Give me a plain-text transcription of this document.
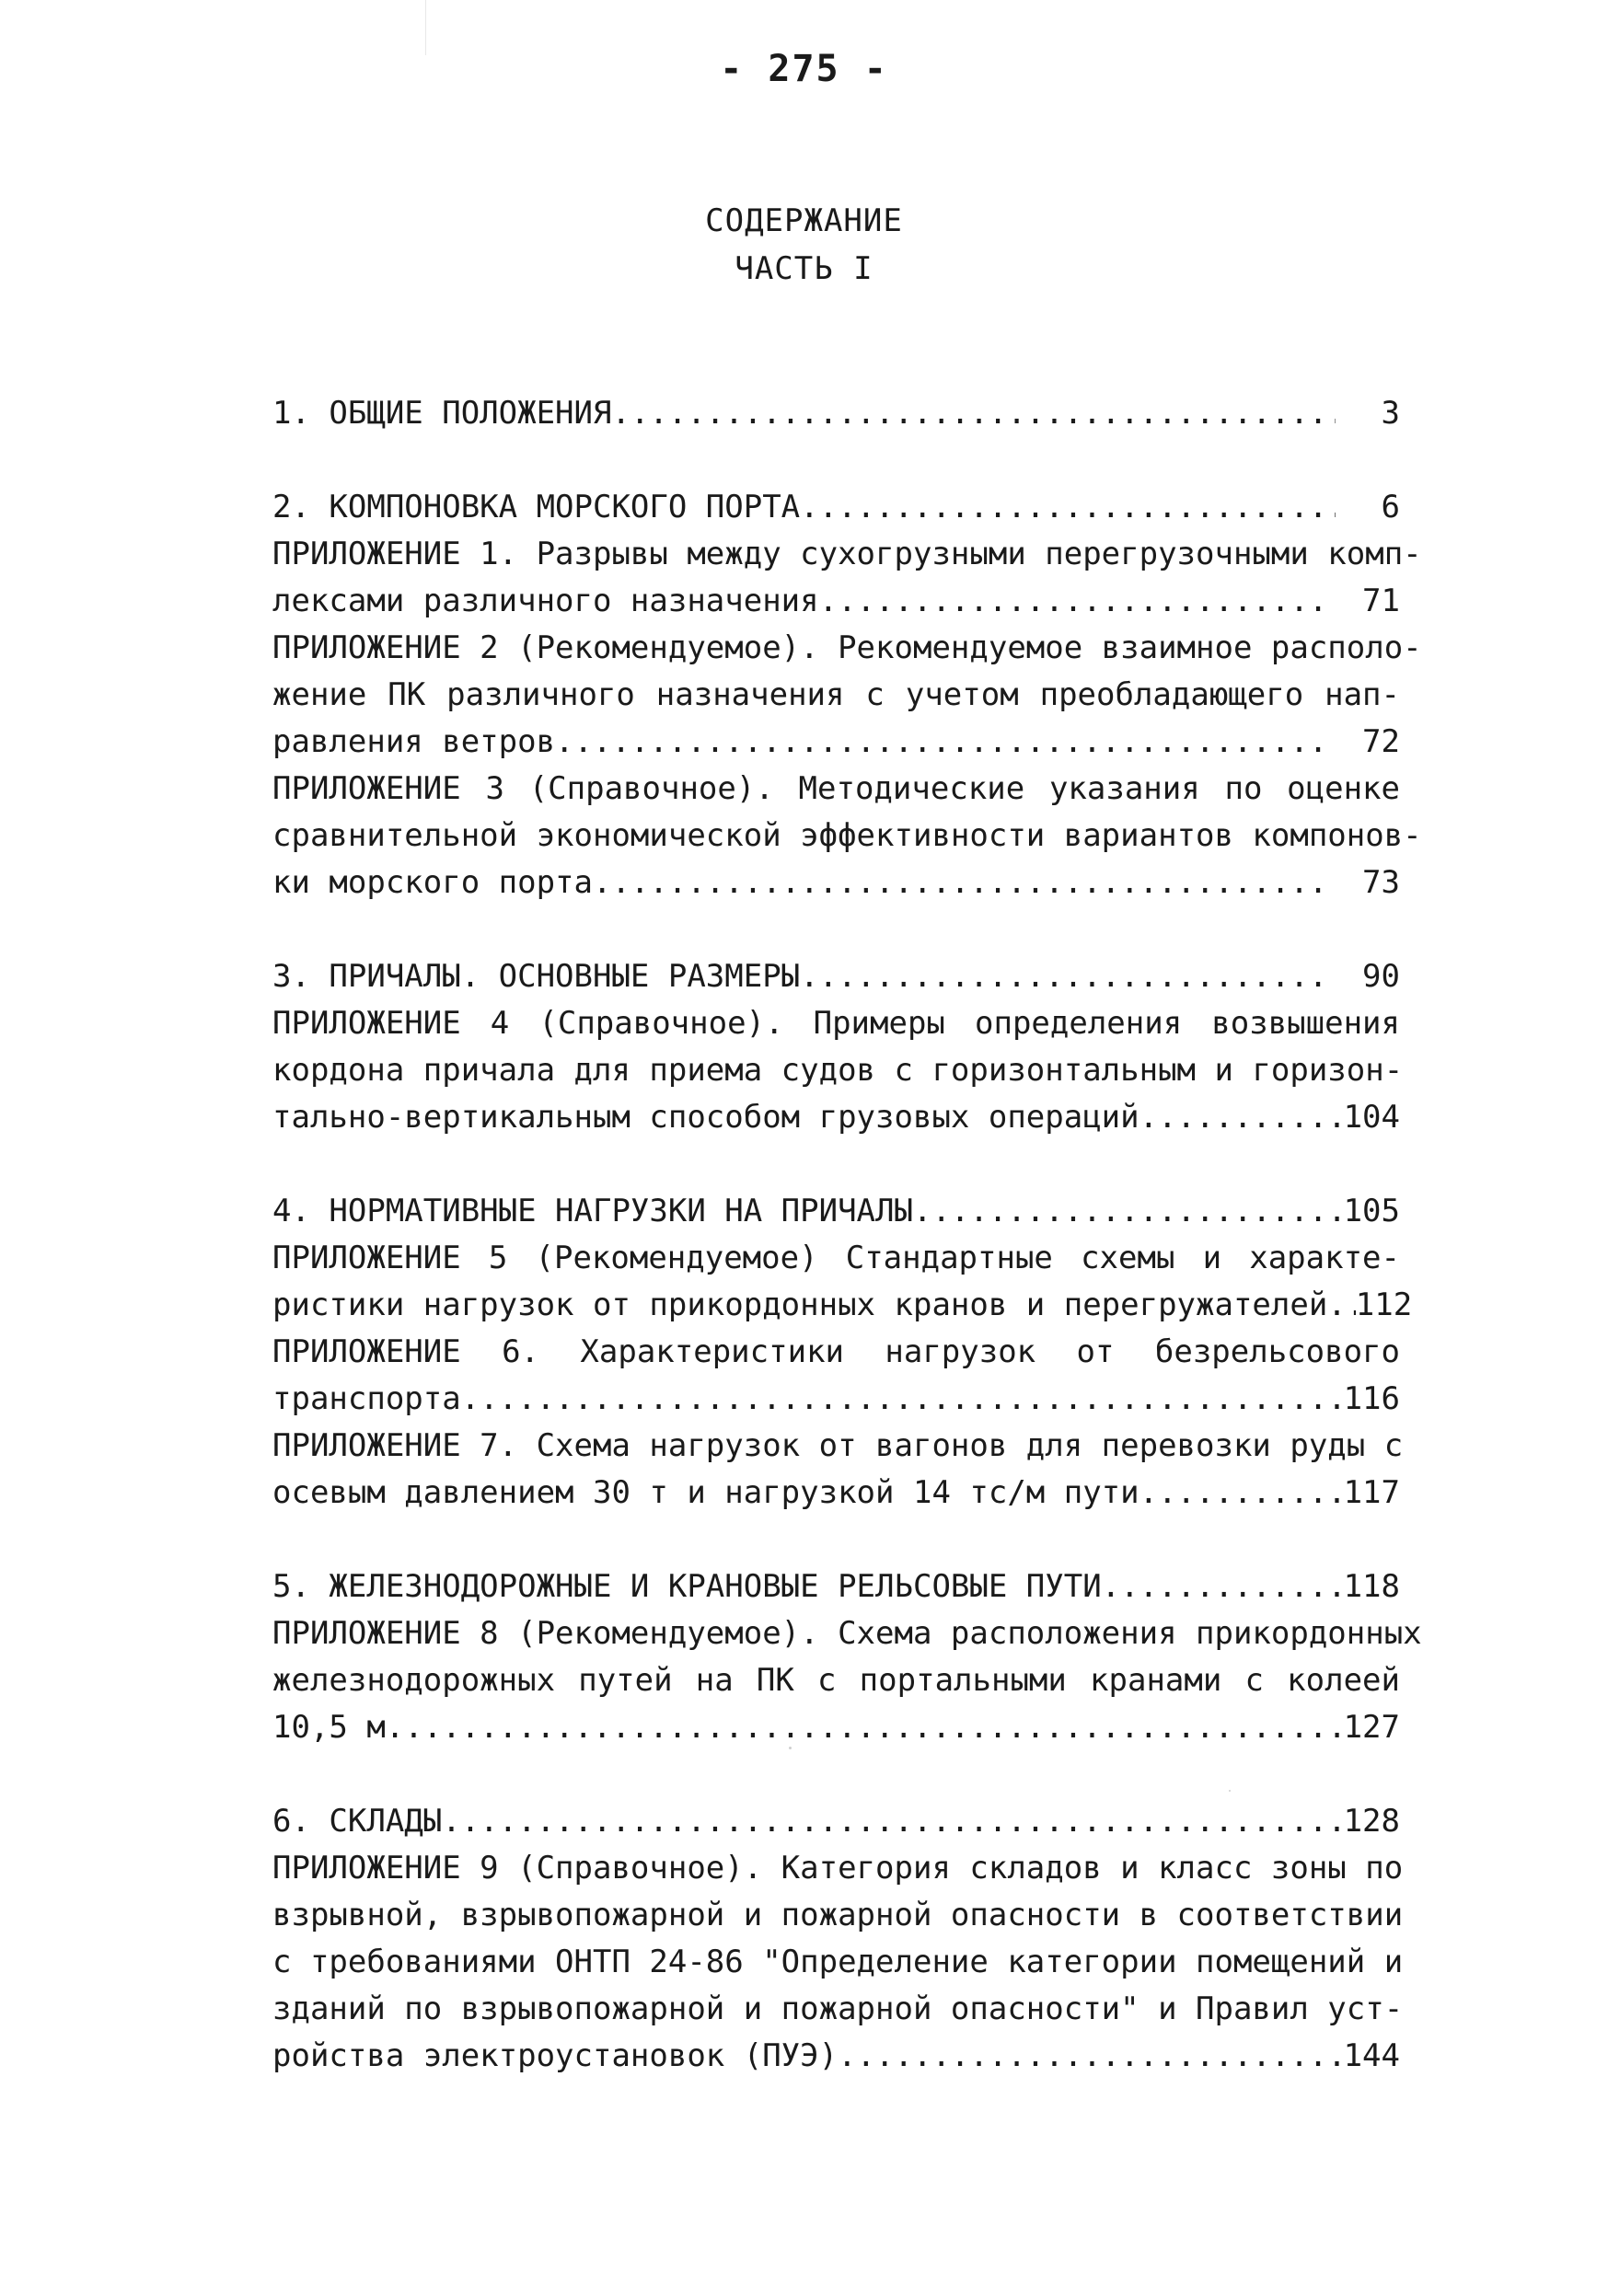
- 275 -
СОДЕРЖАНИЕ
ЧАСТЬ I
1. ОБЩИЕ ПОЛОЖЕНИЯ .....	3
2. КОМПОНОВКА МОРСКОГО ПОРТА .....	6
ПРИЛОЖЕНИЕ 1. Разрывы между сухогрузными перегрузочными комп-
лексами различного назначения .....	71
ПРИЛОЖЕНИЕ 2 (Рекомендуемое). Рекомендуемое взаимное располо-
жение ПК различного назначения с учетом преобладающего нап-
равления ветров .....	72
ПРИЛОЖЕНИЕ 3 (Справочное). Методические указания по оценке
сравнительной экономической эффективности вариантов компонов-
ки морского порта .....	73
3. ПРИЧАЛЫ. ОСНОВНЫЕ РАЗМЕРЫ .....	90
ПРИЛОЖЕНИЕ 4 (Справочное). Примеры определения возвышения
кордона причала для приема судов с горизонтальным и горизон-
тально-вертикальным способом грузовых операций .....	104
4. НОРМАТИВНЫЕ НАГРУЗКИ НА ПРИЧАЛЫ .....	105
ПРИЛОЖЕНИЕ 5 (Рекомендуемое) Стандартные схемы и характе-
ристики нагрузок от прикордонных кранов и перегружателей. ..... 112
ПРИЛОЖЕНИЕ 6. Характеристики нагрузок от безрельсового
транспорта .....	116
ПРИЛОЖЕНИЕ 7. Схема нагрузок от вагонов для перевозки руды с
осевым давлением 30 т и нагрузкой 14 тс/м пути .....	117
5. ЖЕЛЕЗНОДОРОЖНЫЕ И КРАНОВЫЕ РЕЛЬСОВЫЕ ПУТИ .....	118
ПРИЛОЖЕНИЕ 8 (Рекомендуемое). Схема расположения прикордонных
железнодорожных путей на ПК с портальными кранами с колеей
10,5 м .....	127
6. СКЛАДЫ .....	128
ПРИЛОЖЕНИЕ 9 (Справочное). Категория складов и класс зоны по
взрывной, взрывопожарной и пожарной опасности в соответствии
с требованиями ОНТП 24-86 "Определение категории помещений и
зданий по взрывопожарной и пожарной опасности" и Правил уст-
ройства электроустановок (ПУЭ) .....	144
